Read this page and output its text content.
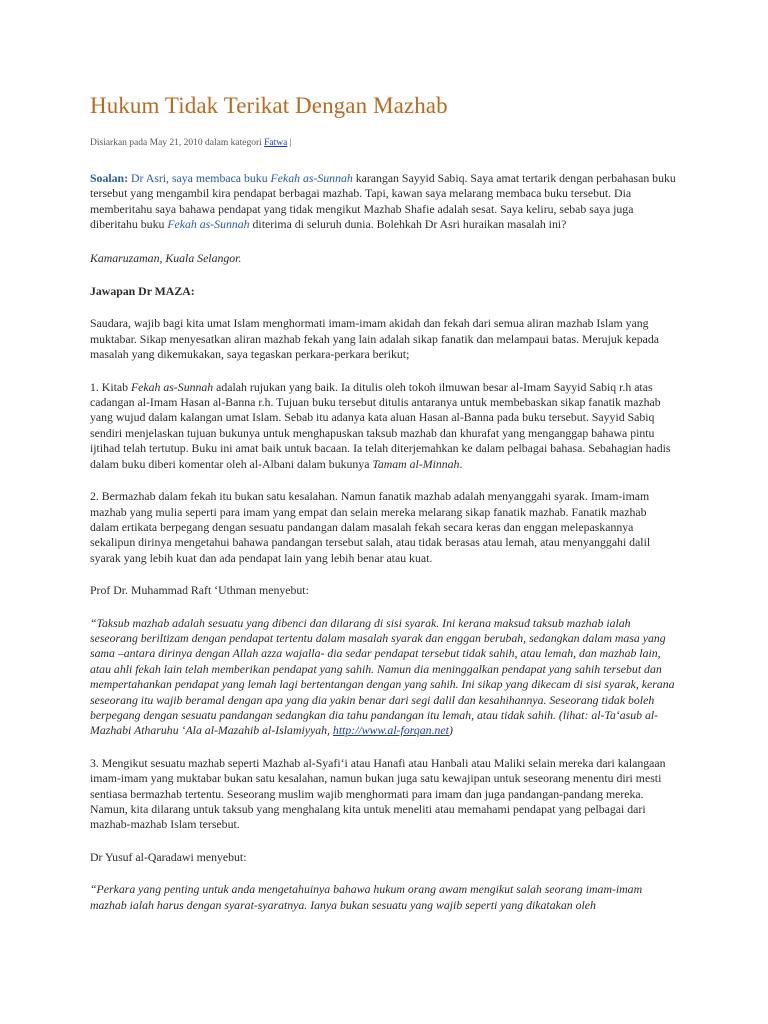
Hukum Tidak Terikat Dengan Mazhab
Disiarkan pada May 21, 2010 dalam kategori Fatwa |

Soalan: Dr Asri, saya membaca buku Fekah as-Sunnah karangan Sayyid Sabiq. Saya amat tertarik dengan perbahasan buku tersebut yang mengambil kira pendapat berbagai mazhab. Tapi, kawan saya melarang membaca buku tersebut. Dia memberitahu saya bahawa pendapat yang tidak mengikut Mazhab Shafie adalah sesat. Saya keliru, sebab saya juga diberitahu buku Fekah as-Sunnah diterima di seluruh dunia. Bolehkah Dr Asri huraikan masalah ini?

Kamaruzaman, Kuala Selangor.

Jawapan Dr MAZA:

Saudara, wajib bagi kita umat Islam menghormati imam-imam akidah dan fekah dari semua aliran mazhab Islam yang muktabar. Sikap menyesatkan aliran mazhab fekah yang lain adalah sikap fanatik dan melampaui batas. Merujuk kepada masalah yang dikemukakan, saya tegaskan perkara-perkara berikut;

1. Kitab Fekah as-Sunnah adalah rujukan yang baik. Ia ditulis oleh tokoh ilmuwan besar al-Imam Sayyid Sabiq r.h atas cadangan al-Imam Hasan al-Banna r.h. Tujuan buku tersebut ditulis antaranya untuk membebaskan sikap fanatik mazhab yang wujud dalam kalangan umat Islam. Sebab itu adanya kata aluan Hasan al-Banna pada buku tersebut. Sayyid Sabiq sendiri menjelaskan tujuan bukunya untuk menghapuskan taksub mazhab dan khurafat yang menganggap bahawa pintu ijtihad telah tertutup. Buku ini amat baik untuk bacaan. Ia telah diterjemahkan ke dalam pelbagai bahasa. Sebahagian hadis dalam buku diberi komentar oleh al-Albani dalam bukunya Tamam al-Minnah.

2. Bermazhab dalam fekah itu bukan satu kesalahan. Namun fanatik mazhab adalah menyanggahi syarak. Imam-imam mazhab yang mulia seperti para imam yang empat dan selain mereka melarang sikap fanatik mazhab. Fanatik mazhab dalam ertikata berpegang dengan sesuatu pandangan dalam masalah fekah secara keras dan enggan melepaskannya sekalipun dirinya mengetahui bahawa pandangan tersebut salah, atau tidak berasas atau lemah, atau menyanggahi dalil syarak yang lebih kuat dan ada pendapat lain yang lebih benar atau kuat.

Prof Dr. Muhammad Raft ‘Uthman menyebut:

“Taksub mazhab adalah sesuatu yang dibenci dan dilarang di sisi syarak. Ini kerana maksud taksub mazhab ialah seseorang beriltizam dengan pendapat tertentu dalam masalah syarak dan enggan berubah, sedangkan dalam masa yang sama –antara dirinya dengan Allah azza wajalla- dia sedar pendapat tersebut tidak sahih, atau lemah, dan mazhab lain, atau ahli fekah lain telah memberikan pendapat yang sahih. Namun dia meninggalkan pendapat yang sahih tersebut dan mempertahankan pendapat yang lemah lagi bertentangan dengan yang sahih. Ini sikap yang dikecam di sisi syarak, kerana seseorang itu wajib beramal dengan apa yang dia yakin benar dari segi dalil dan kesahihannya. Seseorang tidak boleh berpegang dengan sesuatu pandangan sedangkan dia tahu pandangan itu lemah, atau tidak sahih. (lihat: al-Ta‘asub al-Mazhabi Atharuhu ‘Ala al-Mazahib al-Islamiyyah, http://www.al-forqan.net)

3. Mengikut sesuatu mazhab seperti Mazhab al-Syafi‘i atau Hanafi atau Hanbali atau Maliki selain mereka dari kalangaan imam-imam yang muktabar bukan satu kesalahan, namun bukan juga satu kewajipan untuk seseorang menentu diri mesti sentiasa bermazhab tertentu. Seseorang muslim wajib menghormati para imam dan juga pandangan-pandang mereka. Namun, kita dilarang untuk taksub yang menghalang kita untuk meneliti atau memahami pendapat yang pelbagai dari mazhab-mazhab Islam tersebut.

Dr Yusuf al-Qaradawi menyebut:

“Perkara yang penting untuk anda mengetahuinya bahawa hukum orang awam mengikut salah seorang imam-imam mazhab ialah harus dengan syarat-syaratnya. Ianya bukan sesuatu yang wajib seperti yang dikatakan oleh
